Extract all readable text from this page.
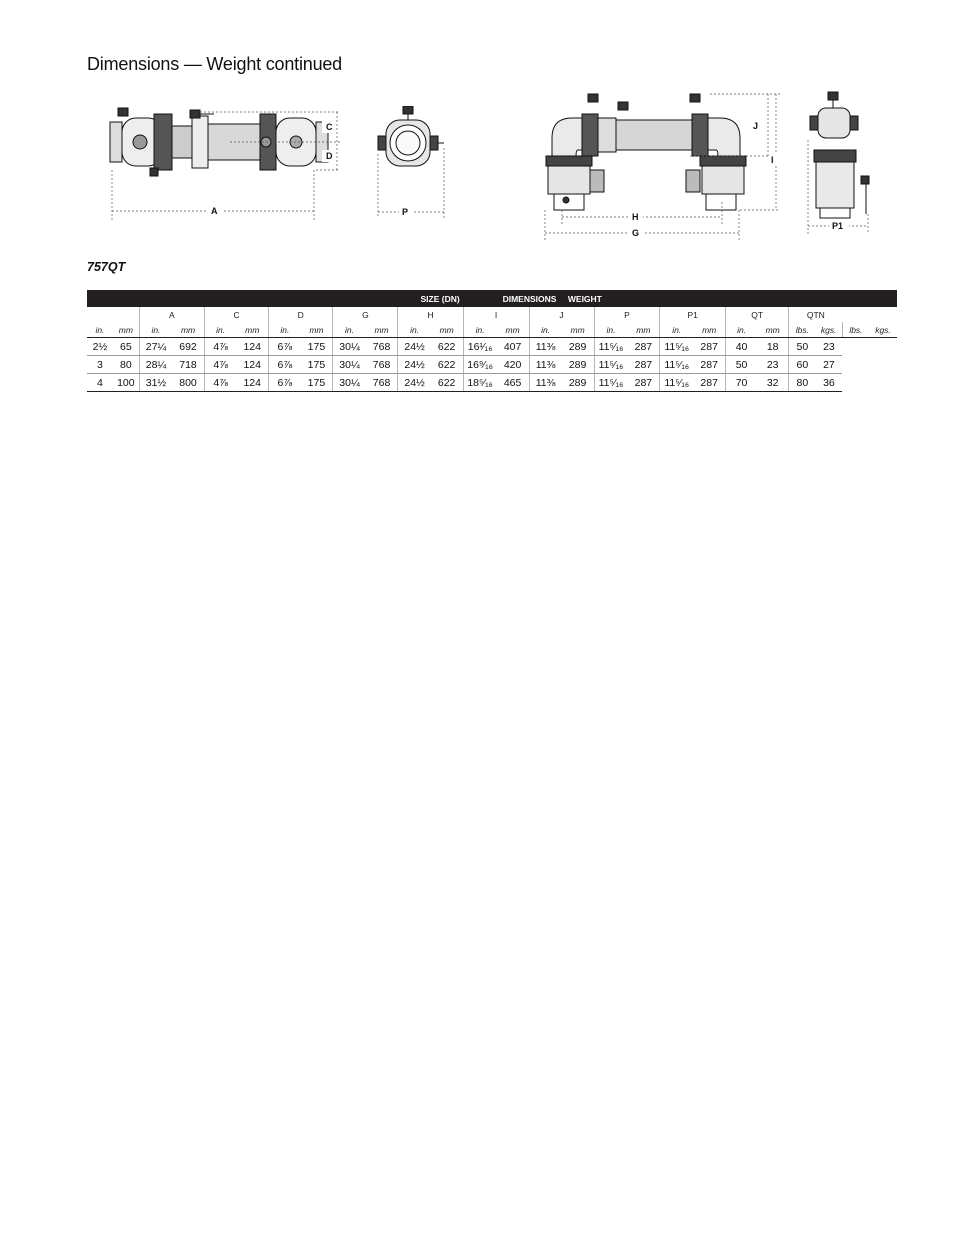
Dimensions — Weight continued
C
D
A	P
J
I
H
G
P1
757QT
SIZE (DN) DIMENSIONS WEIGHT																									
		A		C		D		G		H		I		J		P		P1		QT		QTN			
in.	mm	in.	mm	in.	mm	in.	mm	in.	mm	in.	mm	in.	mm	in.	mm	in.	mm	in.	mm	in.	mm	lbs.	kgs.	lbs.	kgs.
2½	65	27¼	692	4⅞	124	6⅞	175	30¼	768	24½	622	16¹⁄₁₆	407	11⅜	289	11⁵⁄₁₆	287	11⁵⁄₁₆	287	40	18	50	23		
3	80	28¼	718	4⅞	124	6⅞	175	30¼	768	24½	622	16⁹⁄₁₆	420	11⅜	289	11⁵⁄₁₆	287	11⁵⁄₁₆	287	50	23	60	27		
4	100	31½	800	4⅞	124	6⅞	175	30¼	768	24½	622	18⁵⁄₁₆	465	11⅜	289	11⁵⁄₁₆	287	11⁵⁄₁₆	287	70	32	80	36		
